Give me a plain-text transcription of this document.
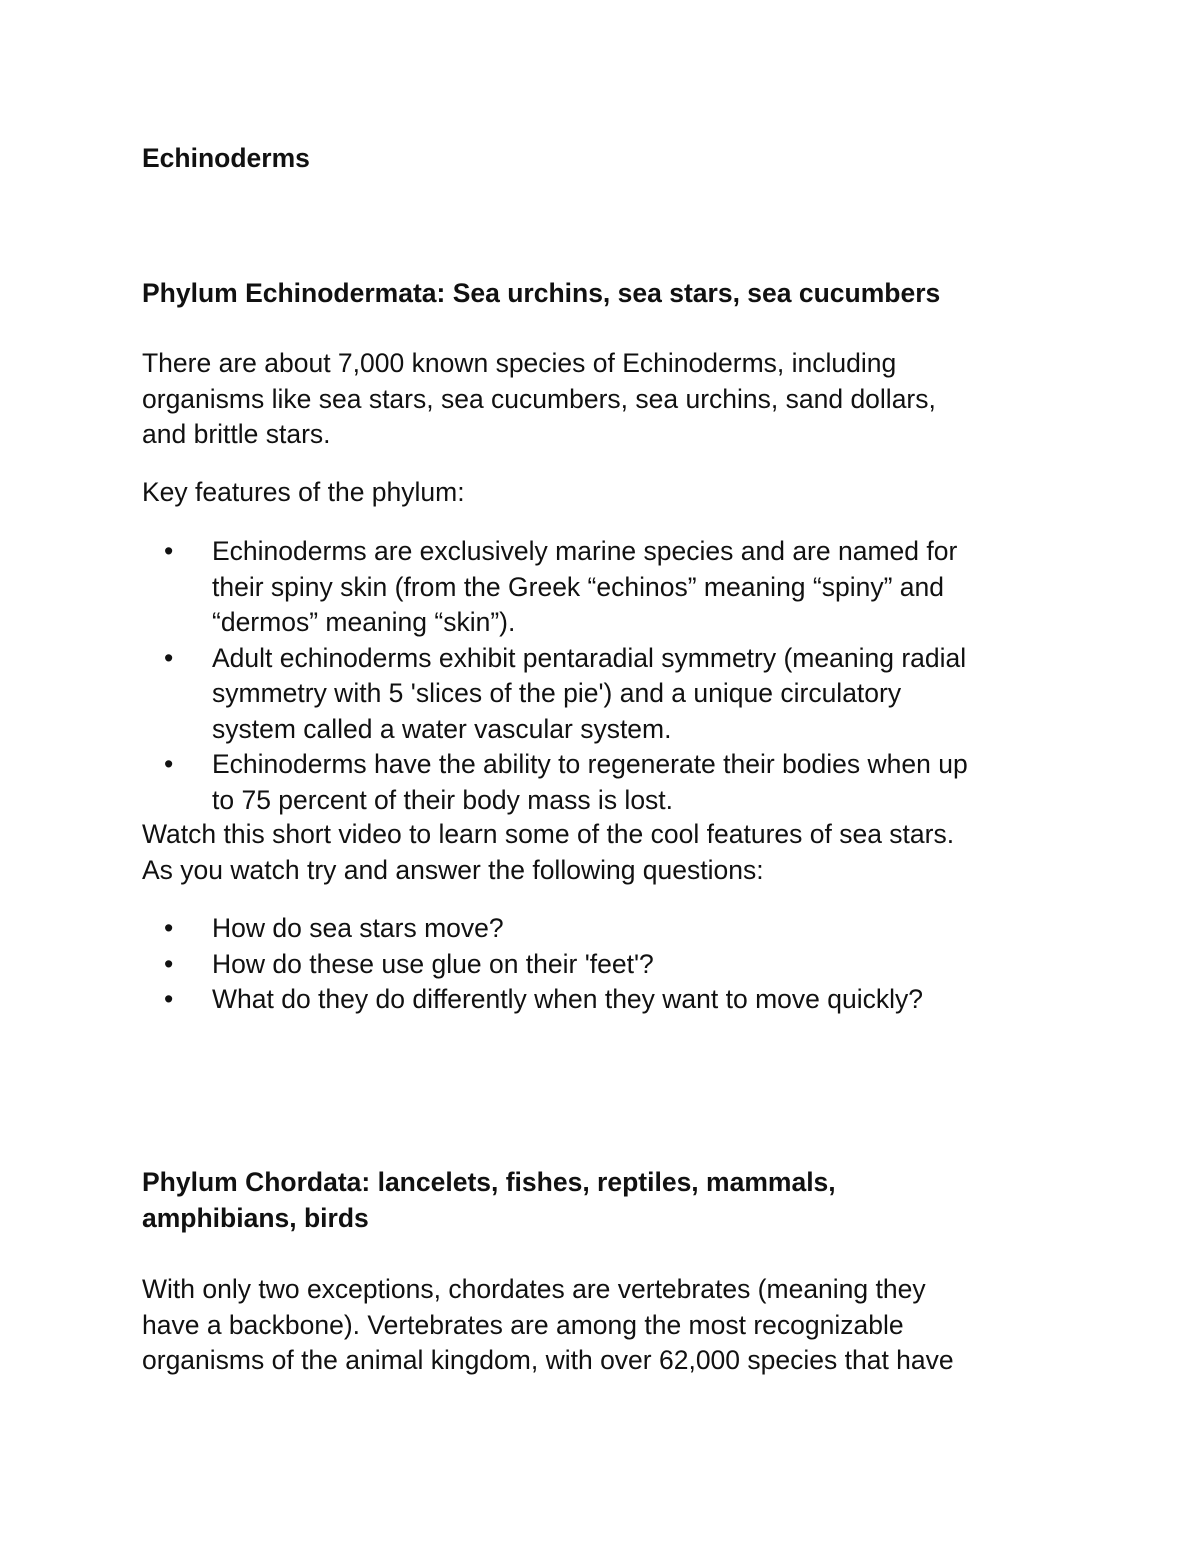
Echinoderms
Phylum Echinodermata: Sea urchins, sea stars, sea cucumbers
There are about 7,000 known species of Echinoderms, including
organisms like sea stars, sea cucumbers, sea urchins, sand dollars,
and brittle stars.
Key features of the phylum:
• Echinoderms are exclusively marine species and are named for
their spiny skin (from the Greek “echinos” meaning “spiny” and
“dermos” meaning “skin”).
• Adult echinoderms exhibit pentaradial symmetry (meaning radial
symmetry with 5 'slices of the pie') and a unique circulatory
system called a water vascular system.
• Echinoderms have the ability to regenerate their bodies when up
to 75 percent of their body mass is lost.
Watch this short video to learn some of the cool features of sea stars.
As you watch try and answer the following questions:
• How do sea stars move?
• How do these use glue on their 'feet'?
• What do they do differently when they want to move quickly?
Phylum Chordata: lancelets, fishes, reptiles, mammals,
amphibians, birds
With only two exceptions, chordates are vertebrates (meaning they
have a backbone). Vertebrates are among the most recognizable
organisms of the animal kingdom, with over 62,000 species that have
